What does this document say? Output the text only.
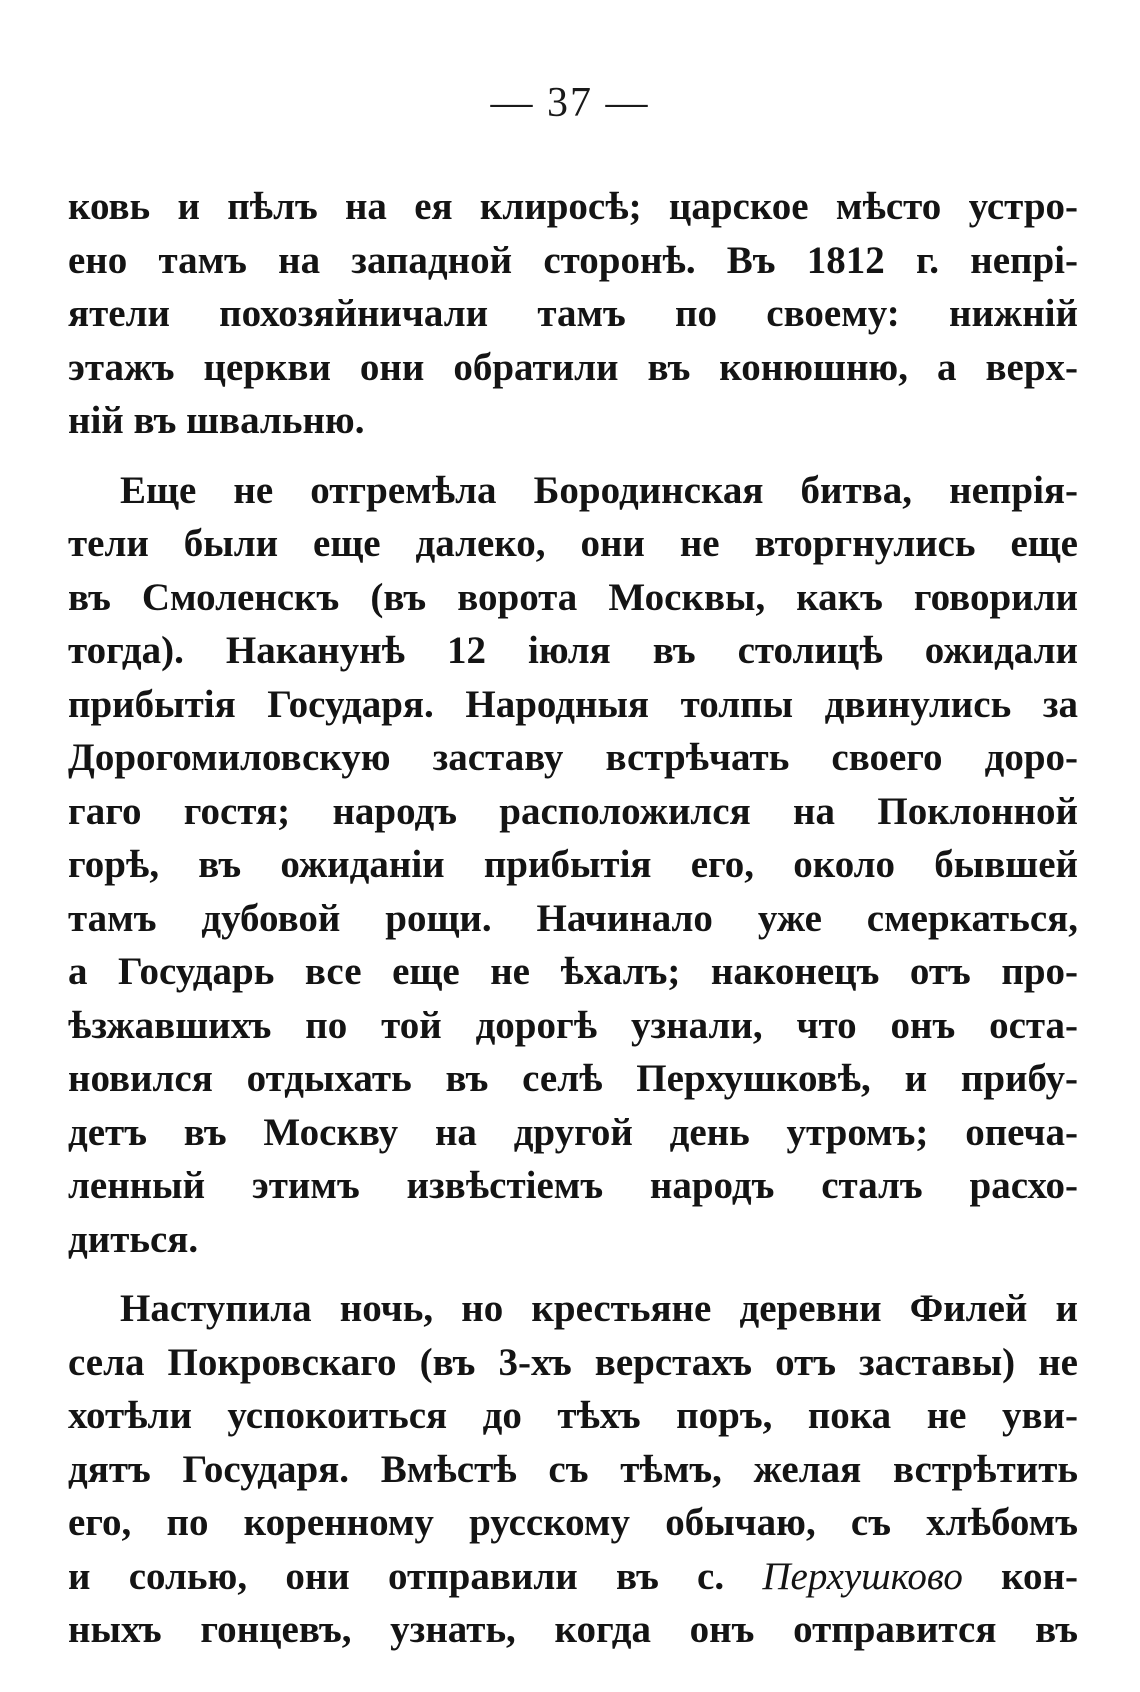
— 37 —
ковь и пѣлъ на ея клиросѣ; царское мѣсто устро-
ено тамъ на западной сторонѣ. Въ 1812 г. непрі-
ятели похозяйничали тамъ по своему: нижній
этажъ церкви они обратили въ конюшню, а верх-
ній въ швальню.
Еще не отгремѣла Бородинская битва, непрія-
тели были еще далеко, они не вторгнулись еще
въ Смоленскъ (въ ворота Москвы, какъ говорили
тогда). Наканунѣ 12 іюля въ столицѣ ожидали
прибытія Государя. Народныя толпы двинулись за
Дорогомиловскую заставу встрѣчать своего доро-
гаго гостя; народъ расположился на Поклонной
горѣ, въ ожиданіи прибытія его, около бывшей
тамъ дубовой рощи. Начинало уже смеркаться,
а Государь все еще не ѣхалъ; наконецъ отъ про-
ѣзжавшихъ по той дорогѣ узнали, что онъ оста-
новился отдыхать въ селѣ Перхушковѣ, и прибу-
детъ въ Москву на другой день утромъ; опеча-
ленный этимъ извѣстіемъ народъ сталъ расхо-
диться.
Наступила ночь, но крестьяне деревни Филей и
села Покровскаго (въ 3-хъ верстахъ отъ заставы) не
хотѣли успокоиться до тѣхъ поръ, пока не уви-
дятъ Государя. Вмѣстѣ съ тѣмъ, желая встрѣтить
его, по коренному русскому обычаю, съ хлѣбомъ
и солью, они отправили въ с. Перхушково кон-
ныхъ гонцевъ, узнать, когда онъ отправится въ
